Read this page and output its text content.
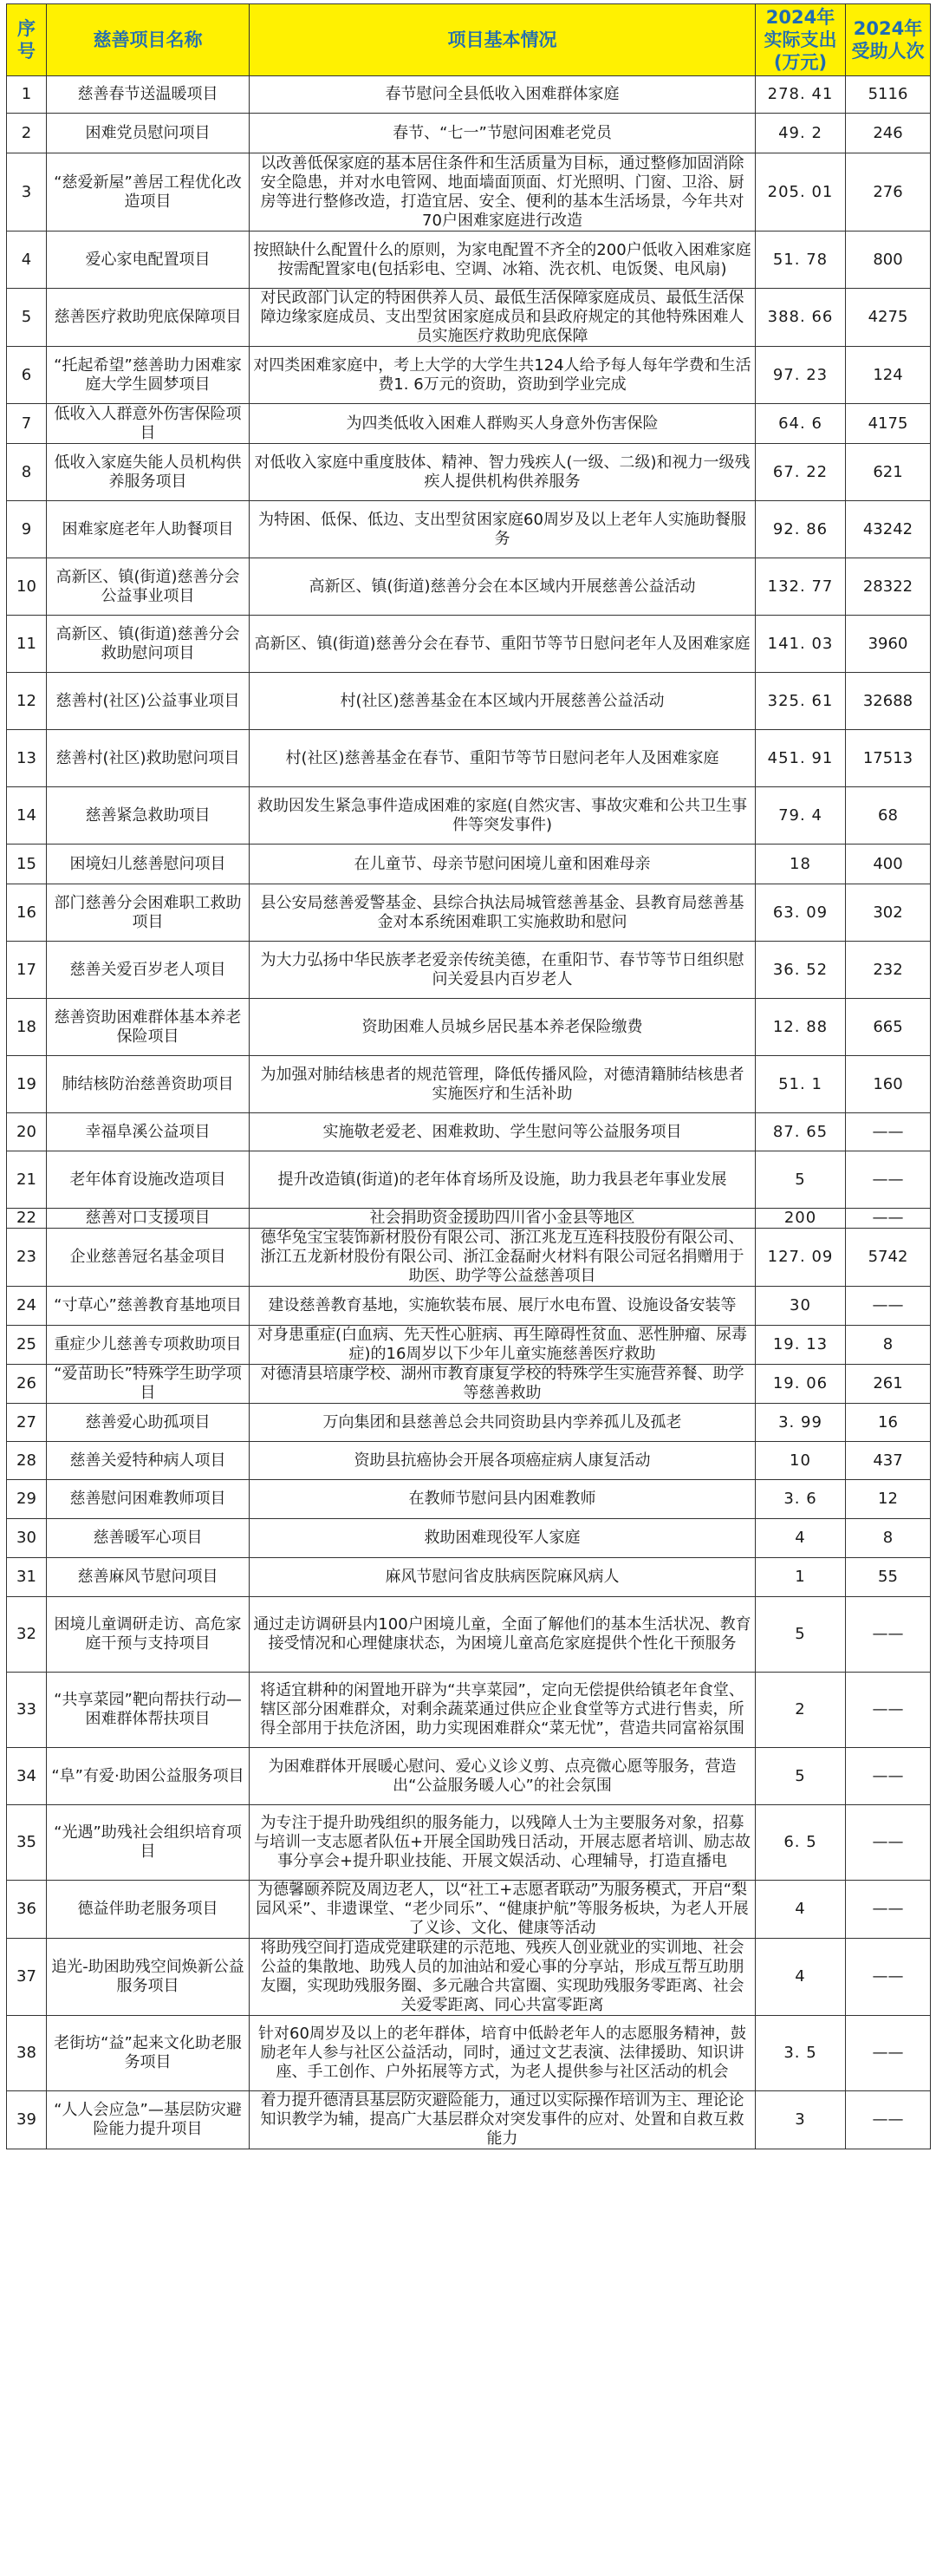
序号	慈善项目名称	项目基本情况	2024年实际支出(万元)	2024年受助人次
1	慈善春节送温暖项目	春节慰问全县低收入困难群体家庭	278. 41	5116
2	困难党员慰问项目	春节、“七一”节慰问困难老党员	49. 2	246
3	“慈爱新屋”善居工程优化改造项目	以改善低保家庭的基本居住条件和生活质量为目标，通过整修加固消除安全隐患，并对水电管网、地面墙面顶面、灯光照明、门窗、卫浴、厨房等进行整修改造，打造宜居、安全、便利的基本生活场景，今年共对70户困难家庭进行改造	205. 01	276
4	爱心家电配置项目	按照缺什么配置什么的原则，为家电配置不齐全的200户低收入困难家庭按需配置家电(包括彩电、空调、冰箱、洗衣机、电饭煲、电风扇)	51. 78	800
5	慈善医疗救助兜底保障项目	对民政部门认定的特困供养人员、最低生活保障家庭成员、最低生活保障边缘家庭成员、支出型贫困家庭成员和县政府规定的其他特殊困难人员实施医疗救助兜底保障	388. 66	4275
6	“托起希望”慈善助力困难家庭大学生圆梦项目	对四类困难家庭中，考上大学的大学生共124人给予每人每年学费和生活费1. 6万元的资助，资助到学业完成	97. 23	124
7	低收入人群意外伤害保险项目	为四类低收入困难人群购买人身意外伤害保险	64. 6	4175
8	低收入家庭失能人员机构供养服务项目	对低收入家庭中重度肢体、精神、智力残疾人(一级、二级)和视力一级残疾人提供机构供养服务	67. 22	621
9	困难家庭老年人助餐项目	为特困、低保、低边、支出型贫困家庭60周岁及以上老年人实施助餐服务	92. 86	43242
10	高新区、镇(街道)慈善分会公益事业项目	高新区、镇(街道)慈善分会在本区域内开展慈善公益活动	132. 77	28322
11	高新区、镇(街道)慈善分会救助慰问项目	高新区、镇(街道)慈善分会在春节、重阳节等节日慰问老年人及困难家庭	141. 03	3960
12	慈善村(社区)公益事业项目	村(社区)慈善基金在本区域内开展慈善公益活动	325. 61	32688
13	慈善村(社区)救助慰问项目	村(社区)慈善基金在春节、重阳节等节日慰问老年人及困难家庭	451. 91	17513
14	慈善紧急救助项目	救助因发生紧急事件造成困难的家庭(自然灾害、事故灾难和公共卫生事件等突发事件)	79. 4	68
15	困境妇儿慈善慰问项目	在儿童节、母亲节慰问困境儿童和困难母亲	18	400
16	部门慈善分会困难职工救助项目	县公安局慈善爱警基金、县综合执法局城管慈善基金、县教育局慈善基金对本系统困难职工实施救助和慰问	63. 09	302
17	慈善关爱百岁老人项目	为大力弘扬中华民族孝老爱亲传统美德，在重阳节、春节等节日组织慰问关爱县内百岁老人	36. 52	232
18	慈善资助困难群体基本养老保险项目	资助困难人员城乡居民基本养老保险缴费	12. 88	665
19	肺结核防治慈善资助项目	为加强对肺结核患者的规范管理，降低传播风险，对德清籍肺结核患者实施医疗和生活补助	51. 1	160
20	幸福阜溪公益项目	实施敬老爱老、困难救助、学生慰问等公益服务项目	87. 65	——
21	老年体育设施改造项目	提升改造镇(街道)的老年体育场所及设施，助力我县老年事业发展	5	——
22	慈善对口支援项目	社会捐助资金援助四川省小金县等地区	200	——
23	企业慈善冠名基金项目	德华兔宝宝装饰新材股份有限公司、浙江兆龙互连科技股份有限公司、浙江五龙新材股份有限公司、浙江金磊耐火材料有限公司冠名捐赠用于助医、助学等公益慈善项目	127. 09	5742
24	“寸草心”慈善教育基地项目	建设慈善教育基地，实施软装布展、展厅水电布置、设施设备安装等	30	——
25	重症少儿慈善专项救助项目	对身患重症(白血病、先天性心脏病、再生障碍性贫血、恶性肿瘤、尿毒症)的16周岁以下少年儿童实施慈善医疗救助	19. 13	8
26	“爱苗助长”特殊学生助学项目	对德清县培康学校、湖州市教育康复学校的特殊学生实施营养餐、助学等慈善救助	19. 06	261
27	慈善爱心助孤项目	万向集团和县慈善总会共同资助县内孪养孤儿及孤老	3. 99	16
28	慈善关爱特种病人项目	资助县抗癌协会开展各项癌症病人康复活动	10	437
29	慈善慰问困难教师项目	在教师节慰问县内困难教师	3. 6	12
30	慈善暖军心项目	救助困难现役军人家庭	4	8
31	慈善麻风节慰问项目	麻风节慰问省皮肤病医院麻风病人	1	55
32	困境儿童调研走访、高危家庭干预与支持项目	通过走访调研县内100户困境儿童，全面了解他们的基本生活状况、教育接受情况和心理健康状态，为困境儿童高危家庭提供个性化干预服务	5	——
33	“共享菜园”靶向帮扶行动—困难群体帮扶项目	将适宜耕种的闲置地开辟为“共享菜园”，定向无偿提供给镇老年食堂、辖区部分困难群众，对剩余蔬菜通过供应企业食堂等方式进行售卖，所得全部用于扶危济困，助力实现困难群众“菜无忧”，营造共同富裕氛围	2	——
34	“阜”有爱·助困公益服务项目	为困难群体开展暖心慰问、爱心义诊义剪、点亮微心愿等服务，营造出“公益服务暖人心”的社会氛围	5	——
35	“光遇”助残社会组织培育项目	为专注于提升助残组织的服务能力，以残障人士为主要服务对象，招募与培训一支志愿者队伍+开展全国助残日活动，开展志愿者培训、励志故事分享会+提升职业技能、开展文娱活动、心理辅导，打造直播电	6. 5	——
36	德益伴助老服务项目	为德馨颐养院及周边老人，以“社工+志愿者联动”为服务模式，开启“梨园风采”、非遗课堂、“老少同乐”、“健康护航”等服务板块，为老人开展了义诊、文化、健康等活动	4	——
37	追光-助困助残空间焕新公益服务项目	将助残空间打造成党建联建的示范地、残疾人创业就业的实训地、社会公益的集散地、助残人员的加油站和爱心事的分享站，形成互帮互助朋友圈，实现助残服务圈、多元融合共富圈、实现助残服务零距离、社会关爱零距离、同心共富零距离	4	——
38	老街坊“益”起来文化助老服务项目	针对60周岁及以上的老年群体，培育中低龄老年人的志愿服务精神，鼓励老年人参与社区公益活动，同时，通过文艺表演、法律援助、知识讲座、手工创作、户外拓展等方式，为老人提供参与社区活动的机会	3. 5	——
39	“人人会应急”—基层防灾避险能力提升项目	着力提升德清县基层防灾避险能力，通过以实际操作培训为主、理论论知识教学为辅，提高广大基层群众对突发事件的应对、处置和自救互救能力	3	——
